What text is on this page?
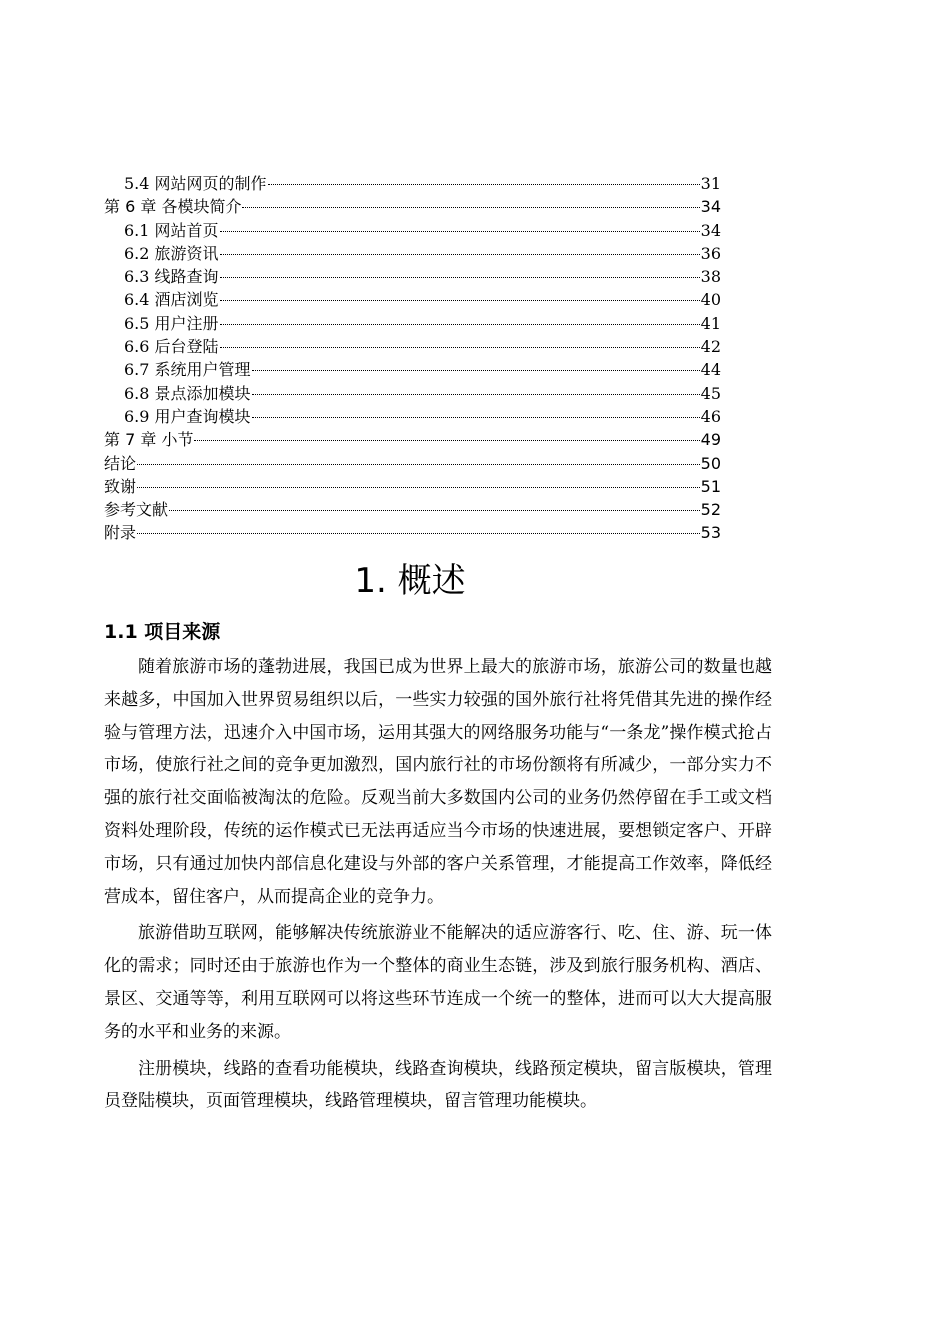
5.4 网站网页的制作	31
第 6 章 各模块简介	34
6.1 网站首页	34
6.2 旅游资讯	36
6.3 线路查询	38
6.4 酒店浏览	40
6.5 用户注册	41
6.6 后台登陆	42
6.7 系统用户管理	44
6.8 景点添加模块	45
6.9 用户查询模块	46
第 7 章 小节	49
结论	50
致谢	51
参考文献	52
附录	53
1. 概述
1.1 项目来源

随着旅游市场的蓬勃进展，我国已成为世界上最大的旅游市场，旅游公司的数量也越来越多，中国加入世界贸易组织以后，一些实力较强的国外旅行社将凭借其先进的操作经验与管理方法，迅速介入中国市场，运用其强大的网络服务功能与“一条龙”操作模式抢占市场，使旅行社之间的竞争更加激烈，国内旅行社的市场份额将有所减少，一部分实力不强的旅行社交面临被淘汰的危险。反观当前大多数国内公司的业务仍然停留在手工或文档资料处理阶段，传统的运作模式已无法再适应当今市场的快速进展，要想锁定客户、开辟市场，只有通过加快内部信息化建设与外部的客户关系管理，才能提高工作效率，降低经营成本，留住客户，从而提高企业的竞争力。

旅游借助互联网，能够解决传统旅游业不能解决的适应游客行、吃、住、游、玩一体化的需求；同时还由于旅游也作为一个整体的商业生态链，涉及到旅行服务机构、酒店、景区、交通等等，利用互联网可以将这些环节连成一个统一的整体，进而可以大大提高服务的水平和业务的来源。

注册模块，线路的查看功能模块，线路查询模块，线路预定模块，留言版模块，管理员登陆模块，页面管理模块，线路管理模块，留言管理功能模块。
